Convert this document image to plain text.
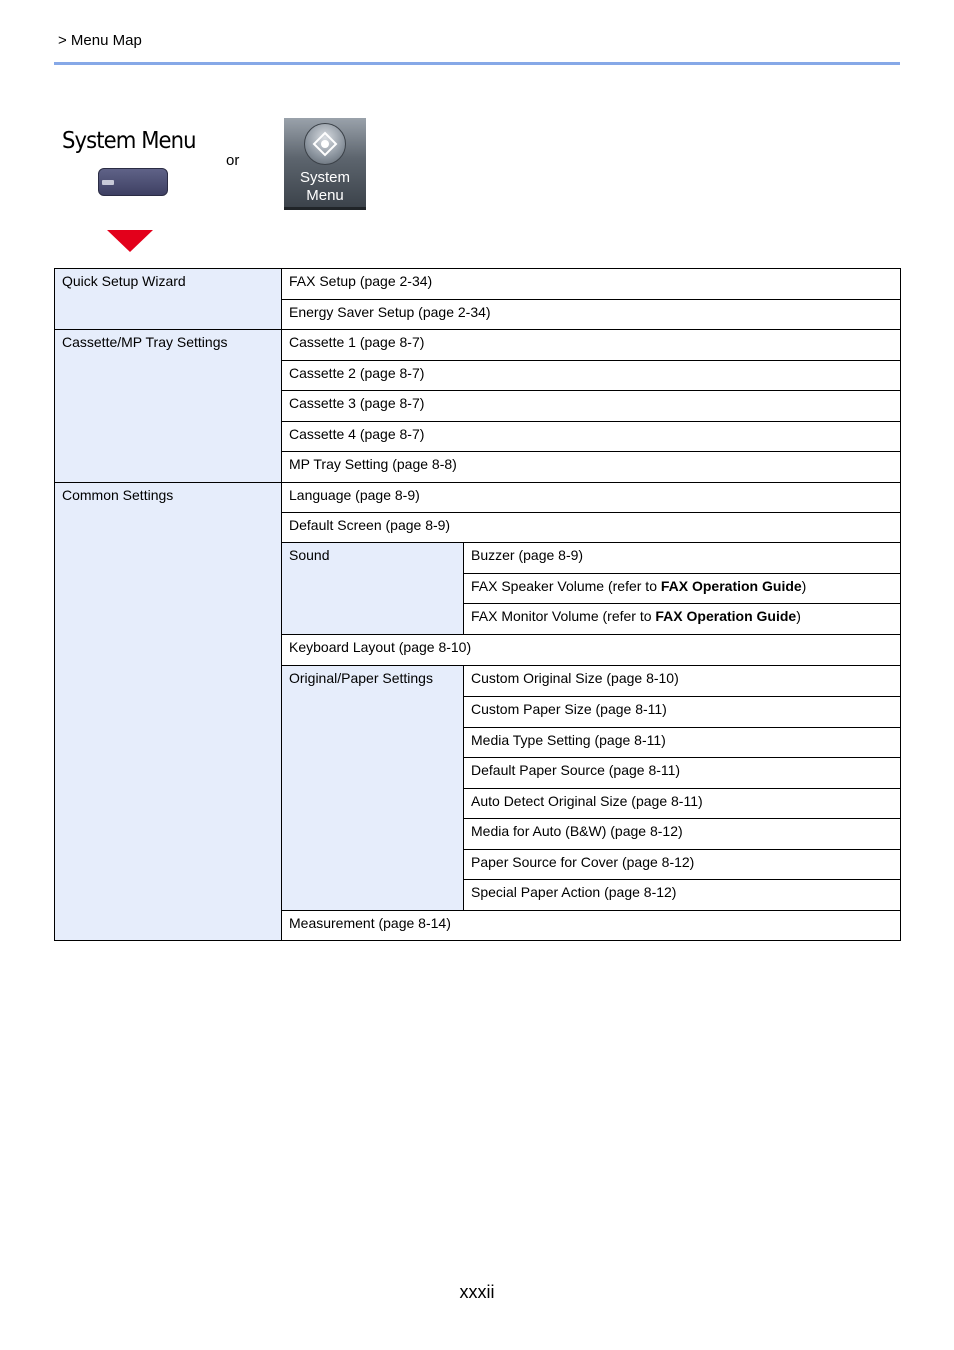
> Menu Map
System Menu
or
System
Menu
Quick Setup Wizard	FAX Setup (page 2-34)	
	Energy Saver Setup (page 2-34)	
Cassette/MP Tray Settings	Cassette 1 (page 8-7)	
	Cassette 2 (page 8-7)	
	Cassette 3 (page 8-7)	
	Cassette 4 (page 8-7)	
	MP Tray Setting (page 8-8)	
Common Settings	Language (page 8-9)	
	Default Screen (page 8-9)	
	Sound	Buzzer (page 8-9)
		FAX Speaker Volume (refer to FAX Operation Guide)
		FAX Monitor Volume (refer to FAX Operation Guide)
	Keyboard Layout (page 8-10)	
	Original/Paper Settings	Custom Original Size (page 8-10)
		Custom Paper Size (page 8-11)
		Media Type Setting (page 8-11)
		Default Paper Source (page 8-11)
		Auto Detect Original Size (page 8-11)
		Media for Auto (B&W) (page 8-12)
		Paper Source for Cover (page 8-12)
		Special Paper Action (page 8-12)
	Measurement (page 8-14)	
xxxii
